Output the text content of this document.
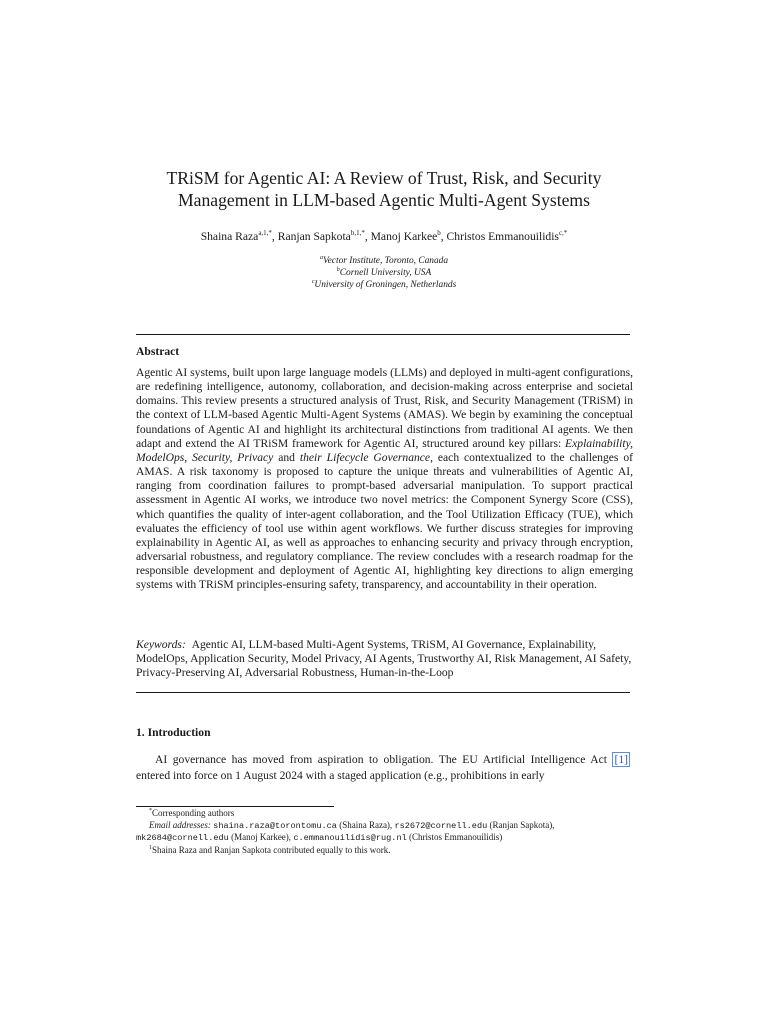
TRiSM for Agentic AI: A Review of Trust, Risk, and Security
Management in LLM-based Agentic Multi-Agent Systems
Shaina Raza$^{a,1,*}$, Ranjan Sapkota$^{b,1,*}$, Manoj Karkee$^b$, Christos Emmanouilidis$^{c,*}$
$^a$Vector Institute, Toronto, Canada
$^b$Cornell University, USA
$^c$University of Groningen, Netherlands
Abstract
Agentic AI systems, built upon large language models (LLMs) and deployed in multi-agent configurations, are redefining intelligence, autonomy, collaboration, and decision-making across enterprise and societal domains. This review presents a structured analysis of Trust, Risk, and Security Management (TRiSM) in the context of LLM-based Agentic Multi-Agent Systems (AMAS). We begin by examining the conceptual foundations of Agentic AI and highlight its architectural distinctions from traditional AI agents. We then adapt and extend the AI TRiSM framework for Agentic AI, structured around key pillars: Explainability, ModelOps, Security, Privacy and their Lifecycle Governance, each contextualized to the challenges of AMAS. A risk taxonomy is proposed to capture the unique threats and vulnerabilities of Agentic AI, ranging from coordination failures to prompt-based adversarial manipulation. To support practical assessment in Agentic AI works, we introduce two novel metrics: the Component Synergy Score (CSS), which quantifies the quality of inter-agent collaboration, and the Tool Utilization Efficacy (TUE), which evaluates the efficiency of tool use within agent workflows. We further discuss strategies for improving explainability in Agentic AI, as well as approaches to enhancing security and privacy through encryption, adversarial robustness, and regulatory compliance. The review concludes with a research roadmap for the responsible development and deployment of Agentic AI, highlighting key directions to align emerging systems with TRiSM principles-ensuring safety, transparency, and accountability in their operation.
Keywords: Agentic AI, LLM-based Multi-Agent Systems, TRiSM, AI Governance, Explainability, ModelOps, Application Security, Model Privacy, AI Agents, Trustworthy AI, Risk Management, AI Safety, Privacy-Preserving AI, Adversarial Robustness, Human-in-the-Loop
1. Introduction
AI governance has moved from aspiration to obligation. The EU Artificial Intelligence Act [1] entered into force on 1 August 2024 with a staged application (e.g., prohibitions in early
*Corresponding authors
Email addresses: shaina.raza@torontomu.ca (Shaina Raza), rs2672@cornell.edu (Ranjan Sapkota),
mk2684@cornell.edu (Manoj Karkee), c.emmanouilidis@rug.nl (Christos Emmanouilidis)
$^1$Shaina Raza and Ranjan Sapkota contributed equally to this work.
